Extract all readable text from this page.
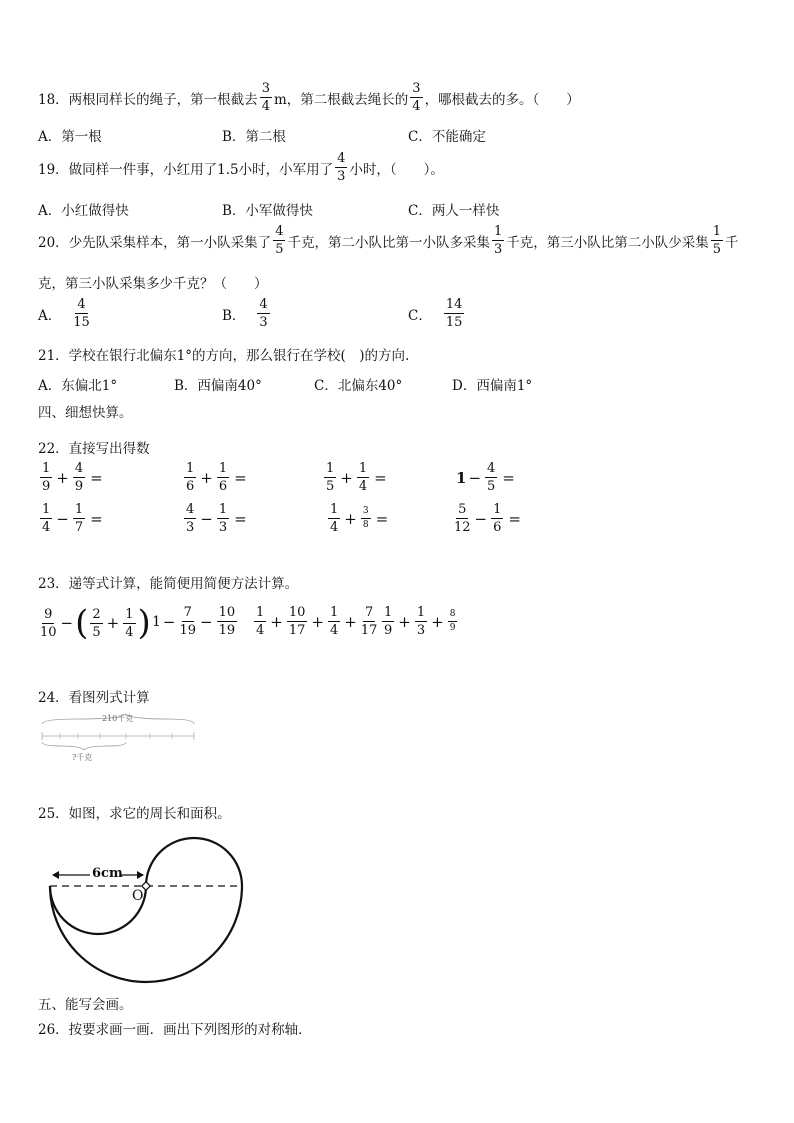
18．两根同样长的绳子，第一根截去 $\frac{3}{4}$ m，第二根截去绳长的 $\frac{3}{4}$ ，哪根截去的多。（　　）
A．第一根	B．第二根	C．不能确定
19．做同样一件事，小红用了1.5小时，小军用了 $\frac{4}{3}$ 小时，（　　）。
A．小红做得快	B．小军做得快	C．两人一样快
20．少先队采集样本，第一小队采集了 $\frac{4}{5}$ 千克，第二小队比第一小队多采集 $\frac{1}{3}$ 千克，第三小队比第二小队少采集 $\frac{1}{5}$ 千
克，第三小队采集多少千克？（　　）
A． $\frac{4}{15}$	B． $\frac{4}{3}$	C． $\frac{14}{15}$
21．学校在银行北偏东1°的方向，那么银行在学校(　)的方向.
A．东偏北1°	B．西偏南40°	C．北偏东40°	D．西偏南1°
四、细想快算。
22．直接写出得数
$\frac{1}{9} + \frac{4}{9}$ =	$\frac{1}{6} + \frac{1}{6}$ =	$\frac{1}{5} + \frac{1}{4}$ =	$1 - \frac{4}{5}$ =
$\frac{1}{4} - \frac{1}{7}$ =	$\frac{4}{3} - \frac{1}{3}$ =	$\frac{1}{4} + \frac{3}{8}$ =	$\frac{5}{12} - \frac{1}{6}$ =
23．递等式计算，能简便用简便方法计算。
$\frac{9}{10}$ − ( $\frac{2}{5} + \frac{1}{4}$ ) $1 - \frac{7}{19} - \frac{10}{19} \frac{1}{4} + \frac{10}{17} + \frac{1}{4} + \frac{7}{17} \frac{1}{9} + \frac{1}{3} + \frac{8}{9}$
24．看图列式计算
210千克
?千克
25．如图，求它的周长和面积。
6cm
O
五、能写会画。
26．按要求画一画．画出下列图形的对称轴．
